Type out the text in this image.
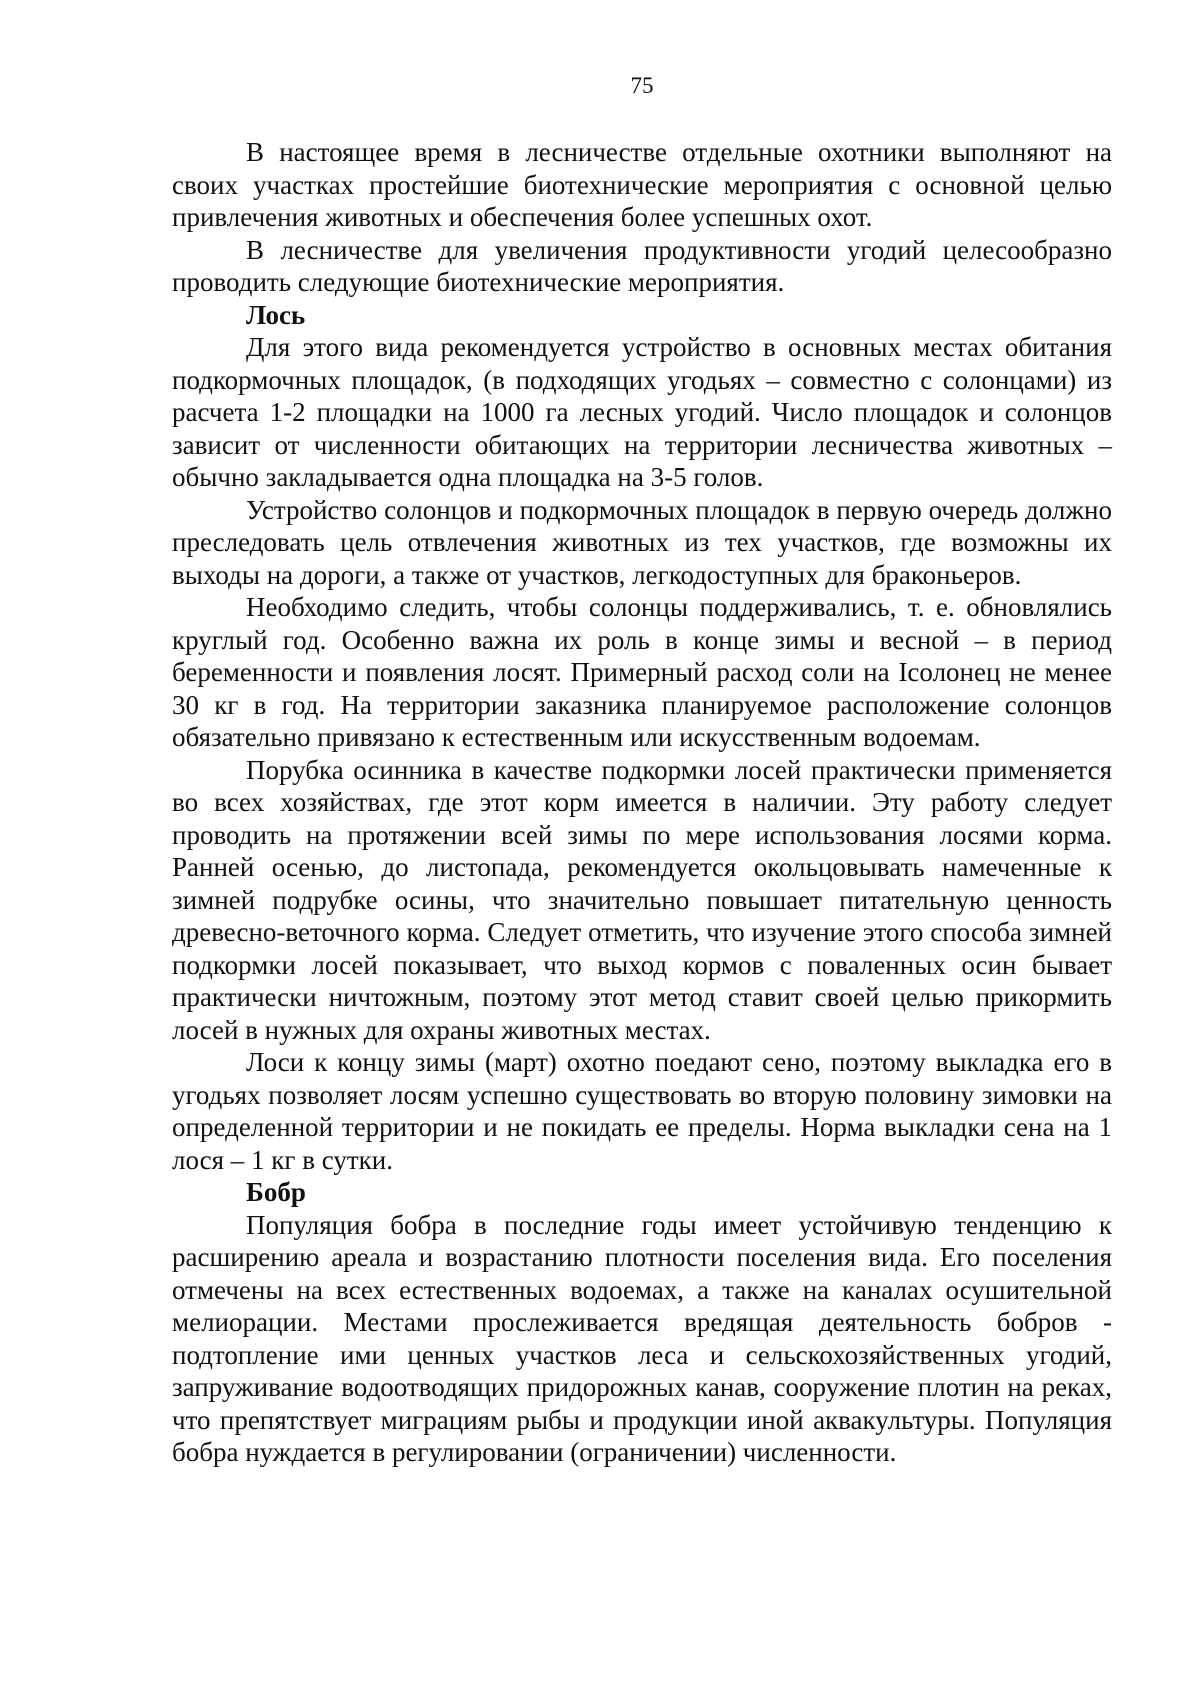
75

В настоящее время в лесничестве отдельные охотники выполняют на своих участках простейшие биотехнические мероприятия с основной целью привлечения животных и обеспечения более успешных охот.

В лесничестве для увеличения продуктивности угодий целесообразно проводить следующие биотехнические мероприятия.

Лось

Для этого вида рекомендуется устройство в основных местах обитания подкормочных площадок, (в подходящих угодьях – совместно с солонцами) из расчета 1-2 площадки на 1000 га лесных угодий. Число площадок и солонцов зависит от численности обитающих на территории лесничества животных – обычно закладывается одна площадка на 3-5 голов.

Устройство солонцов и подкормочных площадок в первую очередь должно преследовать цель отвлечения животных из тех участков, где возможны их выходы на дороги, а также от участков, легкодоступных для браконьеров.

Необходимо следить, чтобы солонцы поддерживались, т. е. обновлялись круглый год. Особенно важна их роль в конце зимы и весной – в период беременности и появления лосят. Примерный расход соли на Iсолонец не менее 30 кг в год. На территории заказника планируемое расположение солонцов обязательно привязано к естественным или искусственным водоемам.

Порубка осинника в качестве подкормки лосей практически применяется во всех хозяйствах, где этот корм имеется в наличии. Эту работу следует проводить на протяжении всей зимы по мере использования лосями корма. Ранней осенью, до листопада, рекомендуется окольцовывать намеченные к зимней подрубке осины, что значительно повышает питательную ценность древесно-веточного корма. Следует отметить, что изучение этого способа зимней подкормки лосей показывает, что выход кормов с поваленных осин бывает практически ничтожным, поэтому этот метод ставит своей целью прикормить лосей в нужных для охраны животных местах.

Лоси к концу зимы (март) охотно поедают сено, поэтому выкладка его в угодьях позволяет лосям успешно существовать во вторую половину зимовки на определенной территории и не покидать ее пределы. Норма выкладки сена на 1 лося – 1 кг в сутки.

Бобр

Популяция бобра в последние годы имеет устойчивую тенденцию к расширению ареала и возрастанию плотности поселения вида. Его поселения отмечены на всех естественных водоемах, а также на каналах осушительной мелиорации. Местами прослеживается вредящая деятельность бобров - подтопление ими ценных участков леса и сельскохозяйственных угодий, запруживание водоотводящих придорожных канав, сооружение плотин на реках, что препятствует миграциям рыбы и продукции иной аквакультуры. Популяция бобра нуждается в регулировании (ограничении) численности.
